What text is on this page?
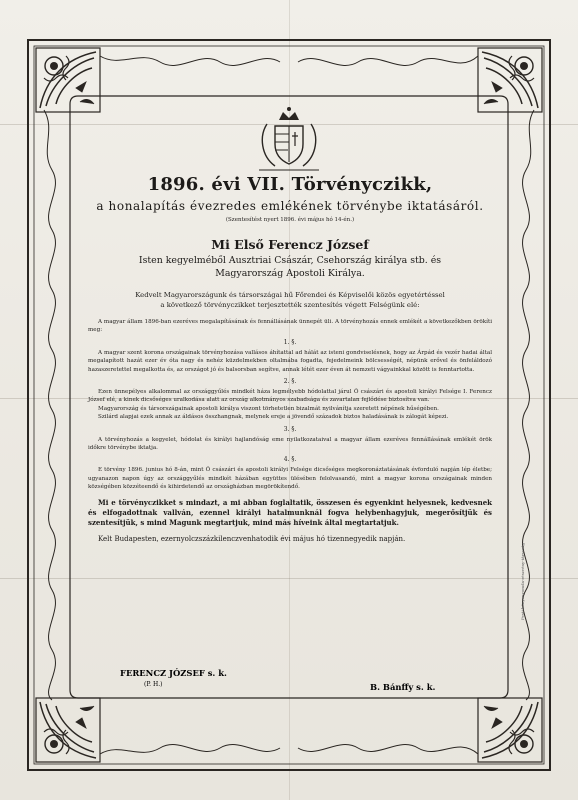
1896. évi VII. Törvényczikk,
a honalapítás évezredes emlékének törvénybe iktatásáról.
(Szentesítést nyert 1896. évi május hó 14-én.)
Mi Első Ferencz József
Isten kegyelméből Ausztriai Császár, Csehország királya stb. és
Magyarország Apostoli Királya.
Kedvelt Magyarországunk és társországai hű Főrendei és Képviselői közös egyetértéssel
a következő törvényczikket terjesztették szentesítés végett Felségünk elé:

A magyar állam 1896-ban ezeréves megalapításának és fennállásának ünnepét üli. A törvényhozás ennek emlékét a következőkben örökíti meg:

1. §.

A magyar szent korona országainak törvényhozása vallásos áhítattal ad hálát az isteni gondviselésnek, hogy az Árpád és vezér hadai által megalapított hazát ezer év óta nagy és nehéz küzdelmekben oltalmába fogadta, fejedelmeink bölcsességét, népünk erővel és önfeláldozó hazaszeretettel megalkotta és, az országot jó és balsorsban segítve, annak létét ezer éven át nemzeti vágyainkkal között is fenntartotta.

2. §.

Ezen ünnepélyes alkalommal az országgyűlés mindkét háza legmélyebb hódolattal járul Ő császári és apostoli királyi Felsége I. Ferencz József elé, a kinek dicsőséges uralkodása alatt az ország alkotmányos szabadsága és zavartalan fejlődése biztosítva van.

Magyarország és társországainak apostoli királya viszont törhetetlen bizalmát nyilvánítja szeretett népének hűségében.

Szilárd alapjai ezek annak az áldásos összhangnak, melynek ereje a jövendő századok biztos haladásának is zálogát képezi.

3. §.

A törvényhozás a kegyelet, hódolat és királyi hajlandóság eme nyilatkozataival a magyar állam ezeréves fennállásának emlékét örök időkre törvénybe iktatja.

4. §.

E törvény 1896. junius hó 8-án, mint Ő császári és apostoli királyi Felsége dicsőséges megkoronáztatásának évforduló napján lép életbe; ugyanazon napon úgy az országgyűlés mindkét házában együttes ülésében felolvasandó, mint a magyar korona országainak minden községében közzéteendő és kihirdetendő az országházban megörökítendő.

Mi e törvényczikket s mindazt, a mi abban foglaltatik, összesen és egyenkint helyesnek, kedvesnek és elfogadottnak vallván, ezennel királyi hatalmunknál fogva helybenhagyjuk, megerősítjük és szentesítjük, s mind Magunk megtartjuk, mind más híveink által megtartatjuk.

Kelt Budapesten, ezernyolczszázkilenczvenhatodik évi május hó tizennegyedik napján.
FERENCZ JÓZSEF s. k.
(P. H.)	B. Bánffy s. k.
Pesti könyvnyomda-részvény-társaság
